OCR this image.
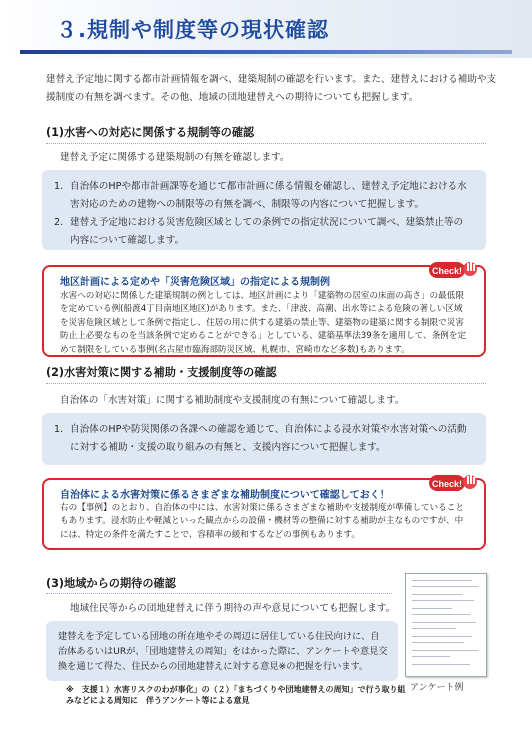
３.規制や制度等の現状確認
建替え予定地に関する都市計画情報を調べ、建築規制の確認を行います。また、建替えにおける補助や支援制度の有無を調べます。その他、地域の団地建替えへの期待についても把握します。
(1)水害への対応に関係する規制等の確認
建替え予定に関係する建築規制の有無を確認します。
1. 自治体のHPや都市計画課等を通じて都市計画に係る情報を確認し、建替え予定地における水害対応のための建物への制限等の有無を調べ、制限等の内容について把握します。
2. 建替え予定地における災害危険区域としての条例での指定状況について調べ、建築禁止等の内容について確認します。
地区計画による定めや「災害危険区域」の指定による規制例
水害への対応に関係した建築規制の例としては、地区計画により「建築物の居室の床面の高さ」の最低限を定めている例(船渡4丁目南地区地区)があります。また、「津波、高潮、出水等による危険の著しい区域を災害危険区域として条例で指定し、住居の用に供する建築の禁止等、建築物の建築に関する制限で災害防止上必要なものを当該条例で定めることができる」としている、建築基準法39条を適用して、条例を定めて制限をしている事例(名古屋市臨海部防災区域、札幌市、宮崎市など多数)もあります。
Check!
(2)水害対策に関する補助・支援制度等の確認
自治体の「水害対策」に関する補助制度や支援制度の有無について確認します。
1. 自治体のHPや防災関係の各課への確認を通じて、自治体による浸水対策や水害対策への活動に対する補助・支援の取り組みの有無と、支援内容について把握します。
自治体による水害対策に係るさまざまな補助制度について確認しておく！
右の【事例】のとおり、自治体の中には、水害対策に係るさまざまな補助や支援制度が準備していることもあります。浸水防止や軽減といった観点からの設備・機材等の整備に対する補助が主なものですが、中には、特定の条件を満たすことで、容積率の緩和するなどの事例もあります。
Check!
(3)地域からの期待の確認
地域住民等からの団地建替えに伴う期待の声や意見についても把握します。
建替えを予定している団地の所在地やその周辺に居住している住民向けに、自治体あるいはURが、「団地建替えの周知」をはかった際に、アンケートや意見交換を通じて得た、住民からの団地建替えに対する意見※の把握を行います。
※　支援１）水害リスクのわが事化」の（２）「まちづくりや団地建替えの周知」で行う取り組みなどによる周知に　伴うアンケート等による意見
アンケート例
